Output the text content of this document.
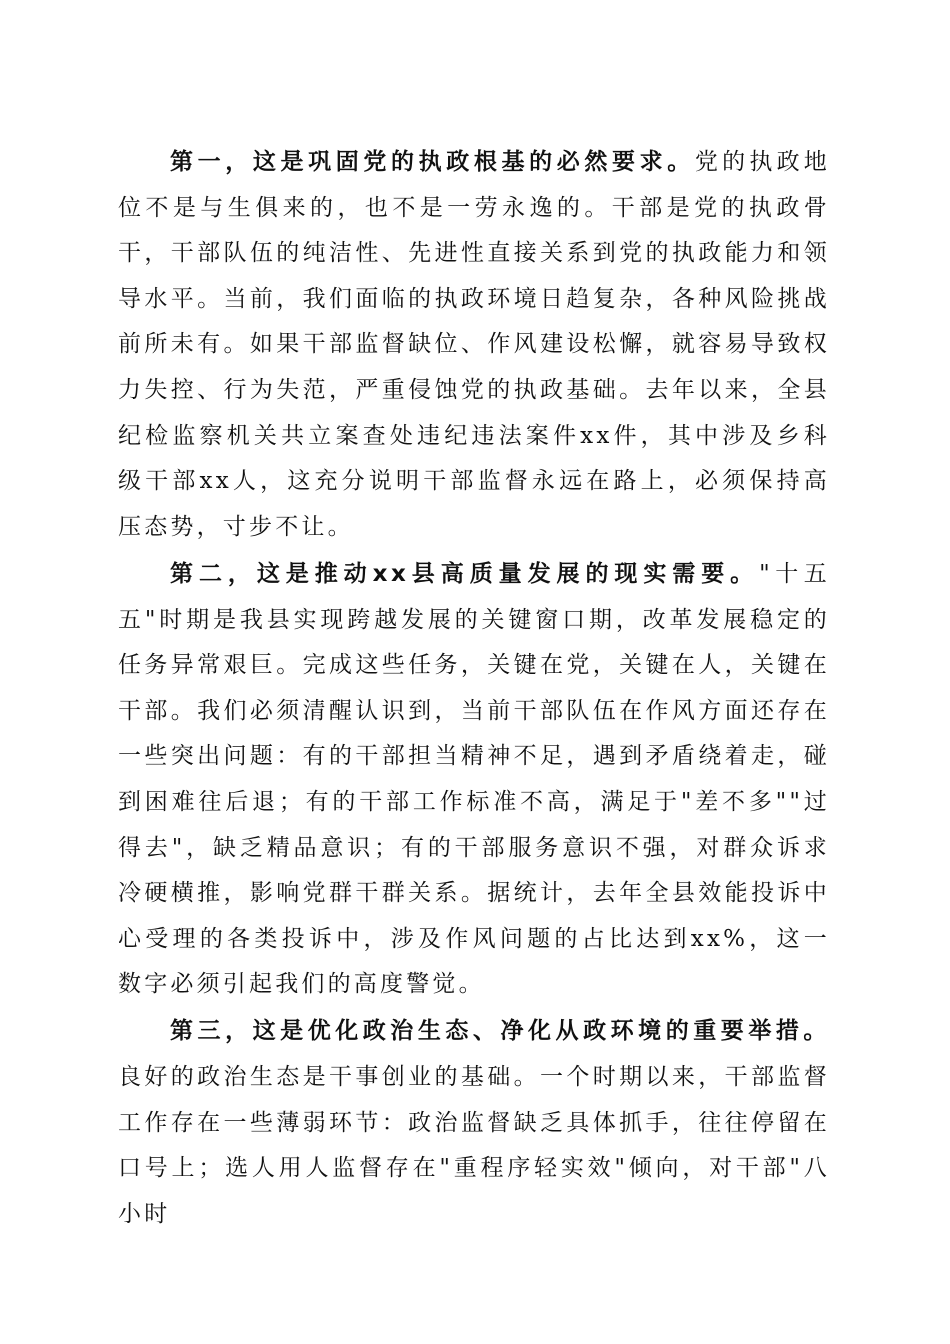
第一，这是巩固党的执政根基的必然要求。党的执政地位不是与生俱来的，也不是一劳永逸的。干部是党的执政骨干，干部队伍的纯洁性、先进性直接关系到党的执政能力和领导水平。当前，我们面临的执政环境日趋复杂，各种风险挑战前所未有。如果干部监督缺位、作风建设松懈，就容易导致权力失控、行为失范，严重侵蚀党的执政基础。去年以来，全县纪检监察机关共立案查处违纪违法案件xx件，其中涉及乡科级干部xx人，这充分说明干部监督永远在路上，必须保持高压态势，寸步不让。

第二，这是推动xx县高质量发展的现实需要。"十五五"时期是我县实现跨越发展的关键窗口期，改革发展稳定的任务异常艰巨。完成这些任务，关键在党，关键在人，关键在干部。我们必须清醒认识到，当前干部队伍在作风方面还存在一些突出问题：有的干部担当精神不足，遇到矛盾绕着走，碰到困难往后退；有的干部工作标准不高，满足于"差不多""过得去"，缺乏精品意识；有的干部服务意识不强，对群众诉求冷硬横推，影响党群干群关系。据统计，去年全县效能投诉中心受理的各类投诉中，涉及作风问题的占比达到xx%，这一数字必须引起我们的高度警觉。

第三，这是优化政治生态、净化从政环境的重要举措。良好的政治生态是干事创业的基础。一个时期以来，干部监督工作存在一些薄弱环节：政治监督缺乏具体抓手，往往停留在口号上；选人用人监督存在"重程序轻实效"倾向，对干部"八小时
